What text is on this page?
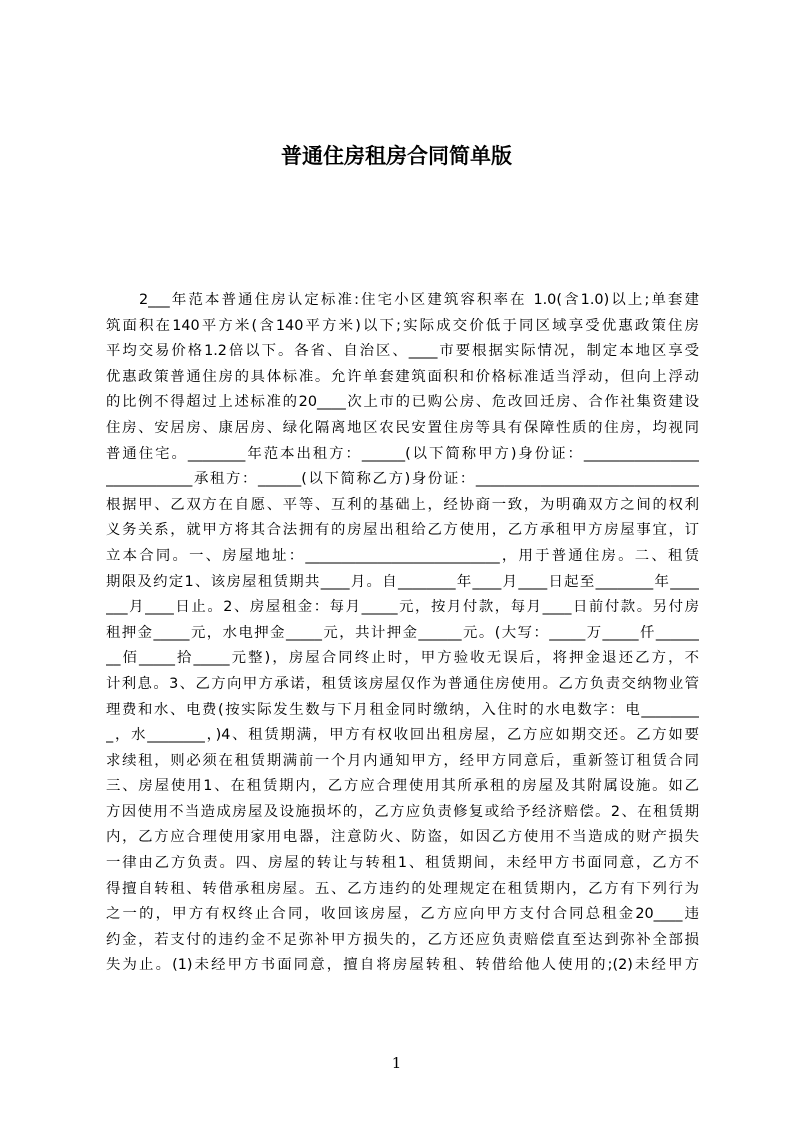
普通住房租房合同简单版
2___年范本普通住房认定标准:住宅小区建筑容积率在 1.0(含1.0)以上;单套建
筑面积在140平方米(含140平方米)以下;实际成交价低于同区域享受优惠政策住房
平均交易价格1.2倍以下。各省、自治区、____市要根据实际情况，制定本地区享受
优惠政策普通住房的具体标准。允许单套建筑面积和价格标准适当浮动，但向上浮动
的比例不得超过上述标准的20____次上市的已购公房、危改回迁房、合作社集资建设
住房、安居房、康居房、绿化隔离地区农民安置住房等具有保障性质的住房，均视同
普通住宅。________年范本出租方：______(以下简称甲方)身份证：________________
____________承租方：______(以下简称乙方)身份证：_______________________________
根据甲、乙双方在自愿、平等、互利的基础上，经协商一致，为明确双方之间的权利
义务关系，就甲方将其合法拥有的房屋出租给乙方使用，乙方承租甲方房屋事宜，订
立本合同。一、房屋地址：___________________________，用于普通住房。二、租赁
期限及约定1、该房屋租赁期共____月。自________年____月____日起至________年____
___月____日止。2、房屋租金：每月_____元，按月付款，每月____日前付款。另付房
租押金_____元，水电押金_____元，共计押金______元。(大写：_____万_____仟______
__佰_____拾_____元整)，房屋合同终止时，甲方验收无误后，将押金退还乙方，不
计利息。3、乙方向甲方承诺，租赁该房屋仅作为普通住房使用。乙方负责交纳物业管
理费和水、电费(按实际发生数与下月租金同时缴纳，入住时的水电数字：电________
_，水________，)4、租赁期满，甲方有权收回出租房屋，乙方应如期交还。乙方如要
求续租，则必须在租赁期满前一个月内通知甲方，经甲方同意后，重新签订租赁合同
三、房屋使用1、在租赁期内，乙方应合理使用其所承租的房屋及其附属设施。如乙
方因使用不当造成房屋及设施损坏的，乙方应负责修复或给予经济赔偿。2、在租赁期
内，乙方应合理使用家用电器，注意防火、防盗，如因乙方使用不当造成的财产损失
一律由乙方负责。四、房屋的转让与转租1、租赁期间，未经甲方书面同意，乙方不
得擅自转租、转借承租房屋。五、乙方违约的处理规定在租赁期内，乙方有下列行为
之一的，甲方有权终止合同，收回该房屋，乙方应向甲方支付合同总租金20____违
约金，若支付的违约金不足弥补甲方损失的，乙方还应负责赔偿直至达到弥补全部损
失为止。(1)未经甲方书面同意，擅自将房屋转租、转借给他人使用的;(2)未经甲方
1
